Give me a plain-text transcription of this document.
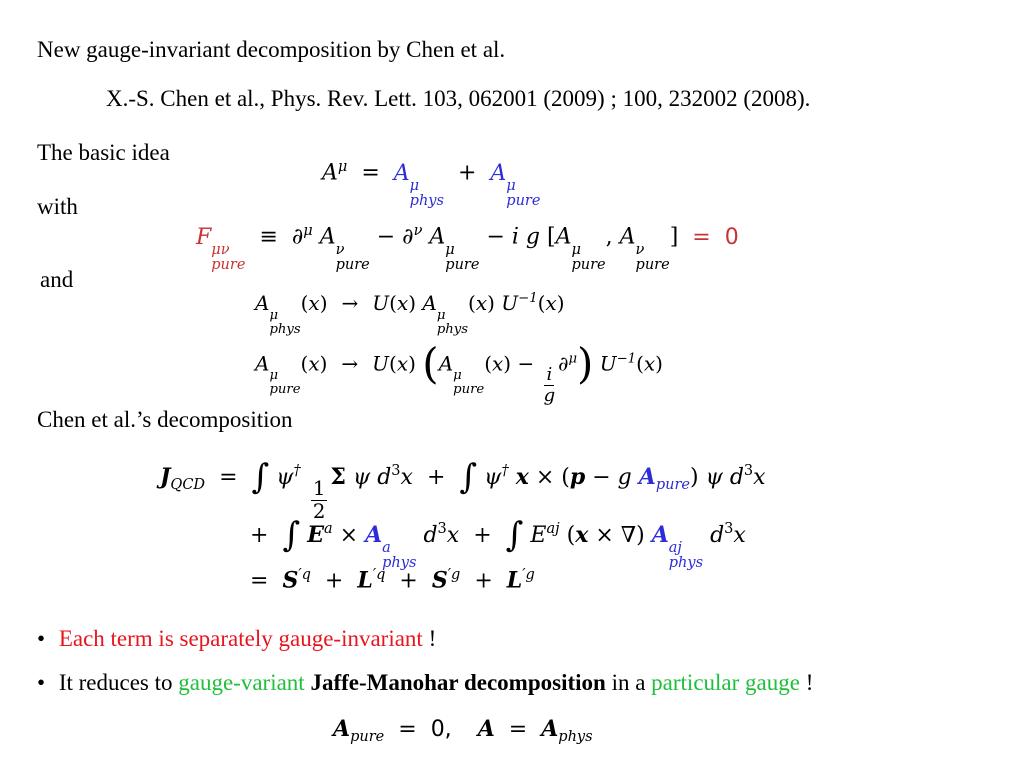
New gauge-invariant decomposition by Chen et al.
X.-S. Chen et al., Phys. Rev. Lett. 103, 062001 (2009) ; 100, 232002 (2008).
The basic idea
with
and
Chen et al.’s decomposition
$A^\mu = A$ μ
phys
+ A μ
pure
F μν
pure
≡ ∂$^\mu$ A ν
pure
− ∂$^\nu$ A μ
pure
− i g [A μ
pure
, A ν
pure
] = 0
A
μ
phys
(x) → U(x) A
μ
phys
(x) $U^{-1}(x)$
A
μ
pure
(x) → U(x) (A
μ
pure
(x) −
$\frac{i}{g}$
∂$^\mu$) $U^{-1}(x)$
$J_{QCD}$ = ∫ ψ†
$\frac{1}{2}$
Σ ψ $d^3x$ + ∫ ψ† x × (p − g $A_{pure}$) ψ $d^3x$
+ ∫ $E^a \times A$ a
phys
$d^3x$ + ∫ $E^{aj}$ (x × ∇) A aj
phys
$d^3x$
= $S^{'q} + L^{'q} + S^{'g} + L^{'g}$
• Each term is separately gauge-invariant !
• It reduces to gauge-variant Jaffe-Manohar decomposition in a particular gauge !
$A_{pure} = 0$, $A = A_{phys}$
